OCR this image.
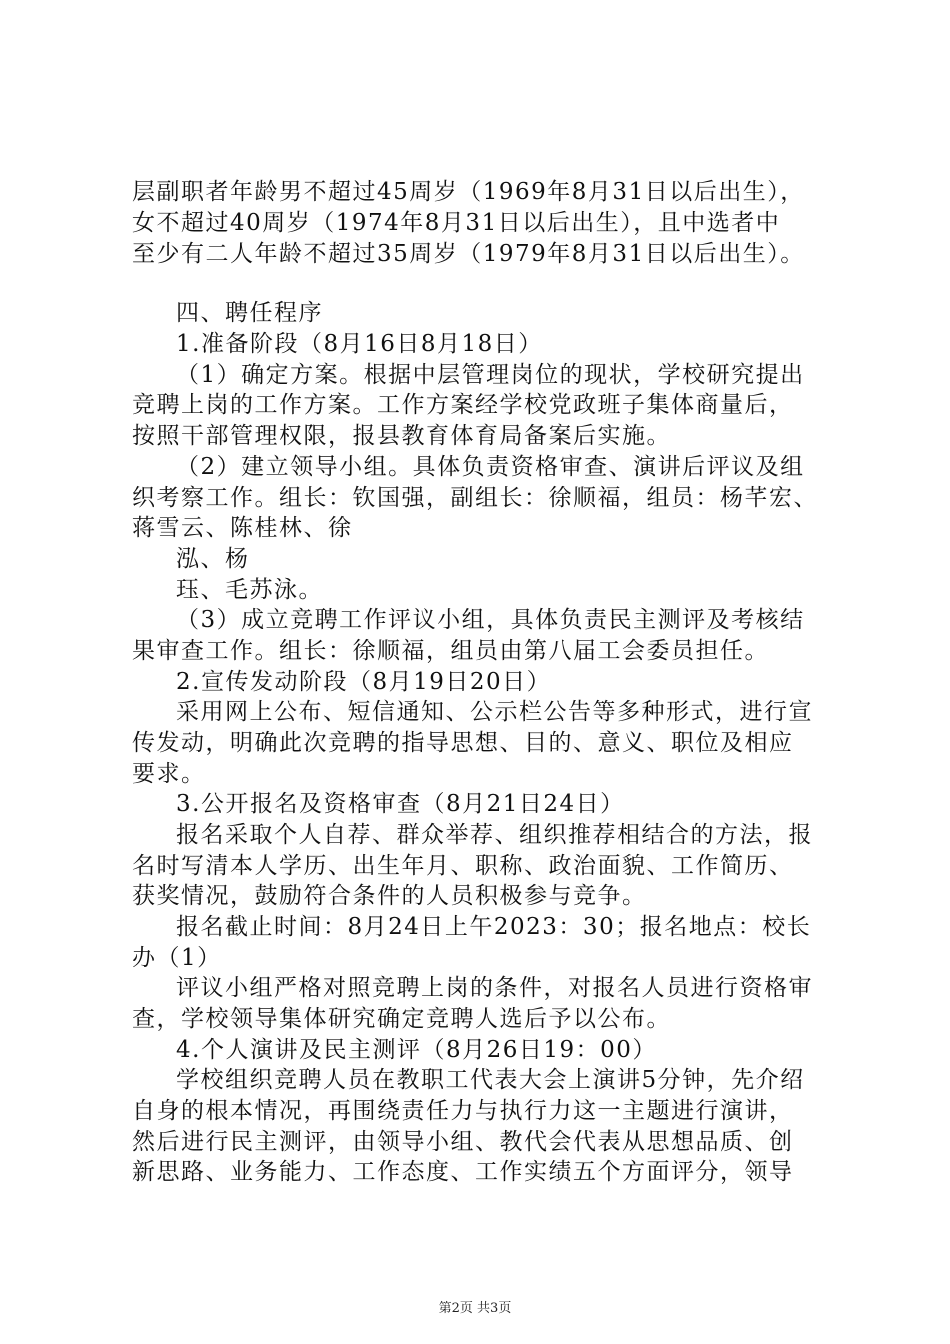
层副职者年龄男不超过45周岁（1969年8月31日以后出生），
女不超过40周岁（1974年8月31日以后出生），且中选者中
至少有二人年龄不超过35周岁（1979年8月31日以后出生）。
四、聘任程序
1.准备阶段（8月16日8月18日）
（1）确定方案。根据中层管理岗位的现状，学校研究提出
竞聘上岗的工作方案。工作方案经学校党政班子集体商量后，
按照干部管理权限，报县教育体育局备案后实施。
（2）建立领导小组。具体负责资格审查、演讲后评议及组
织考察工作。组长：钦国强，副组长：徐顺福，组员：杨芊宏、
蒋雪云、陈桂林、徐
泓、杨
珏、毛苏泳。
（3）成立竞聘工作评议小组，具体负责民主测评及考核结
果审查工作。组长：徐顺福，组员由第八届工会委员担任。
2.宣传发动阶段（8月19日20日）
采用网上公布、短信通知、公示栏公告等多种形式，进行宣
传发动，明确此次竞聘的指导思想、目的、意义、职位及相应
要求。
3.公开报名及资格审查（8月21日24日）
报名采取个人自荐、群众举荐、组织推荐相结合的方法，报
名时写清本人学历、出生年月、职称、政治面貌、工作简历、
获奖情况，鼓励符合条件的人员积极参与竞争。
报名截止时间：8月24日上午2023：30；报名地点：校长
办（1）
评议小组严格对照竞聘上岗的条件，对报名人员进行资格审
查，学校领导集体研究确定竞聘人选后予以公布。
4.个人演讲及民主测评（8月26日19：00）
学校组织竞聘人员在教职工代表大会上演讲5分钟，先介绍
自身的根本情况，再围绕责任力与执行力这一主题进行演讲，
然后进行民主测评，由领导小组、教代会代表从思想品质、创
新思路、业务能力、工作态度、工作实绩五个方面评分，领导
第2页 共3页
